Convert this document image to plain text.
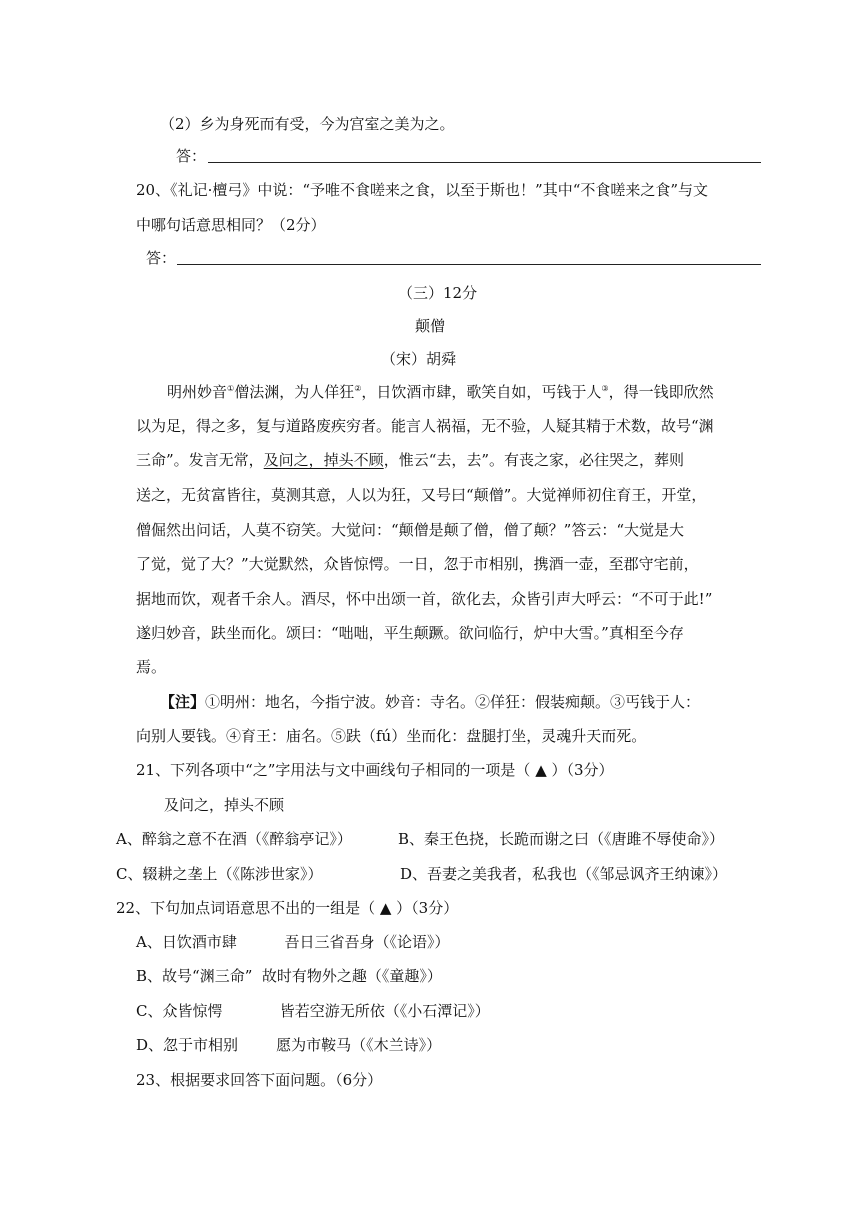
（2）乡为身死而有受，今为宫室之美为之。
答：
20、《礼记·檀弓》中说：“予唯不食嗟来之食，以至于斯也！”其中“不食嗟来之食”与文
中哪句话意思相同？（2分）
答：
（三）12分
颠僧
（宋）胡舜
明州妙音①僧法渊，为人佯狂②，日饮酒市肆，歌笑自如，丐钱于人③，得一钱即欣然
以为足，得之多，复与道路废疾穷者。能言人祸福，无不验，人疑其精于术数，故号“渊
三命”。发言无常，及问之，掉头不顾，惟云“去，去”。有丧之家，必往哭之，葬则
送之，无贫富皆往，莫测其意，人以为狂，又号曰“颠僧”。大觉禅师初住育王，开堂，
僧倔然出问话，人莫不窃笑。大觉问：“颠僧是颠了僧，僧了颠？”答云：“大觉是大
了觉，觉了大？”大觉默然，众皆惊愕。一日，忽于市相别，携酒一壶，至郡守宅前，
据地而饮，观者千余人。酒尽，怀中出颂一首，欲化去，众皆引声大呼云：“不可于此!”
遂归妙音，趺坐而化。颂曰：“咄咄，平生颠蹶。欲问临行，炉中大雪。”真相至今存
焉。
【注】①明州：地名，今指宁波。妙音：寺名。②佯狂：假装痴颠。③丐钱于人：
向别人要钱。④育王：庙名。⑤趺（fú）坐而化：盘腿打坐，灵魂升天而死。
21、下列各项中“之”字用法与文中画线句子相同的一项是（ ▲ ）（3分）
及问之，掉头不顾
A、醉翁之意不在酒（《醉翁亭记》）	B、秦王色挠，长跪而谢之曰（《唐雎不辱使命》）
C、辍耕之垄上（《陈涉世家》）	D、吾妻之美我者，私我也（《邹忌讽齐王纳谏》）
22、下句加点词语意思不出的一组是（ ▲ ）（3分）
A、日饮酒市肆          吾日三省吾身（《论语》）
B、故号“渊三命”  故时有物外之趣（《童趣》）
C、众皆惊愕            皆若空游无所依（《小石潭记》）
D、忽于市相别        愿为市鞍马（《木兰诗》）
23、根据要求回答下面问题。（6分）
